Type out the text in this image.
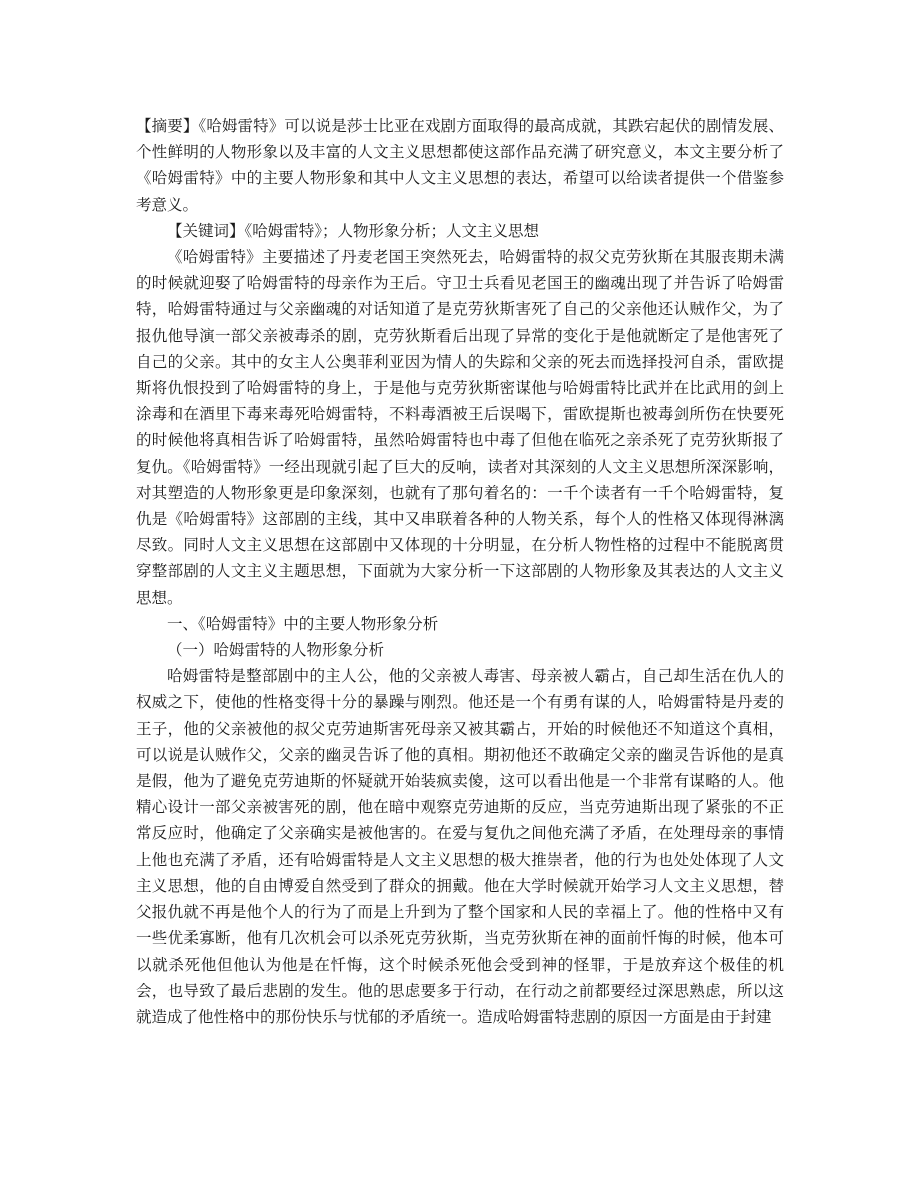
【摘要】《哈姆雷特》可以说是莎士比亚在戏剧方面取得的最高成就，其跌宕起伏的剧情发展、个性鲜明的人物形象以及丰富的人文主义思想都使这部作品充满了研究意义，本文主要分析了《哈姆雷特》中的主要人物形象和其中人文主义思想的表达，希望可以给读者提供一个借鉴参考意义。

【关键词】《哈姆雷特》；人物形象分析；人文主义思想

《哈姆雷特》主要描述了丹麦老国王突然死去，哈姆雷特的叔父克劳狄斯在其服丧期未满的时候就迎娶了哈姆雷特的母亲作为王后。守卫士兵看见老国王的幽魂出现了并告诉了哈姆雷特，哈姆雷特通过与父亲幽魂的对话知道了是克劳狄斯害死了自己的父亲他还认贼作父，为了报仇他导演一部父亲被毒杀的剧，克劳狄斯看后出现了异常的变化于是他就断定了是他害死了自己的父亲。其中的女主人公奥菲利亚因为情人的失踪和父亲的死去而选择投河自杀，雷欧提斯将仇恨投到了哈姆雷特的身上，于是他与克劳狄斯密谋他与哈姆雷特比武并在比武用的剑上涂毒和在酒里下毒来毒死哈姆雷特，不料毒酒被王后误喝下，雷欧提斯也被毒剑所伤在快要死的时候他将真相告诉了哈姆雷特，虽然哈姆雷特也中毒了但他在临死之亲杀死了克劳狄斯报了复仇。《哈姆雷特》一经出现就引起了巨大的反响，读者对其深刻的人文主义思想所深深影响，对其塑造的人物形象更是印象深刻，也就有了那句着名的：一千个读者有一千个哈姆雷特，复仇是《哈姆雷特》这部剧的主线，其中又串联着各种的人物关系，每个人的性格又体现得淋漓尽致。同时人文主义思想在这部剧中又体现的十分明显，在分析人物性格的过程中不能脱离贯穿整部剧的人文主义主题思想，下面就为大家分析一下这部剧的人物形象及其表达的人文主义思想。

一、《哈姆雷特》中的主要人物形象分析

（一）哈姆雷特的人物形象分析

哈姆雷特是整部剧中的主人公，他的父亲被人毒害、母亲被人霸占，自己却生活在仇人的权威之下，使他的性格变得十分的暴躁与刚烈。他还是一个有勇有谋的人，哈姆雷特是丹麦的王子，他的父亲被他的叔父克劳迪斯害死母亲又被其霸占，开始的时候他还不知道这个真相，可以说是认贼作父，父亲的幽灵告诉了他的真相。期初他还不敢确定父亲的幽灵告诉他的是真是假，他为了避免克劳迪斯的怀疑就开始装疯卖傻，这可以看出他是一个非常有谋略的人。他精心设计一部父亲被害死的剧，他在暗中观察克劳迪斯的反应，当克劳迪斯出现了紧张的不正常反应时，他确定了父亲确实是被他害的。在爱与复仇之间他充满了矛盾，在处理母亲的事情上他也充满了矛盾，还有哈姆雷特是人文主义思想的极大推崇者，他的行为也处处体现了人文主义思想，他的自由博爱自然受到了群众的拥戴。他在大学时候就开始学习人文主义思想，替父报仇就不再是他个人的行为了而是上升到为了整个国家和人民的幸福上了。他的性格中又有一些优柔寡断，他有几次机会可以杀死克劳狄斯，当克劳狄斯在神的面前忏悔的时候，他本可以就杀死他但他认为他是在忏悔，这个时候杀死他会受到神的怪罪，于是放弃这个极佳的机会，也导致了最后悲剧的发生。他的思虑要多于行动，在行动之前都要经过深思熟虑，所以这就造成了他性格中的那份快乐与忧郁的矛盾统一。造成哈姆雷特悲剧的原因一方面是由于封建
